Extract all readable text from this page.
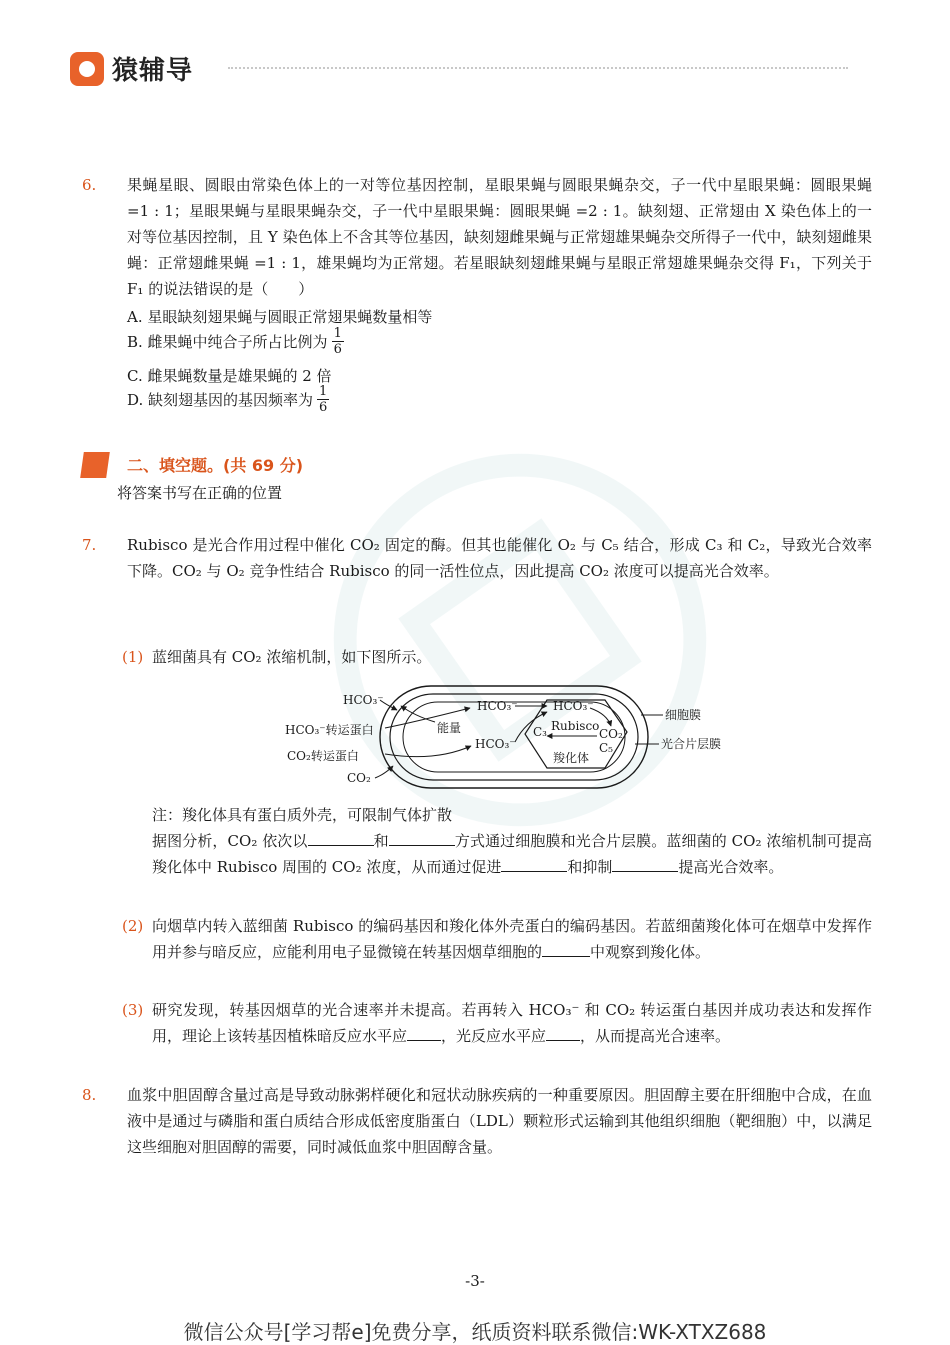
猿辅导
6. 果蝇星眼、圆眼由常染色体上的一对等位基因控制，星眼果蝇与圆眼果蝇杂交，子一代中星眼果蝇：圆眼果蝇 =1 : 1；星眼果蝇与星眼果蝇杂交，子一代中星眼果蝇：圆眼果蝇 =2 : 1。缺刻翅、正常翅由 X 染色体上的一对等位基因控制，且 Y 染色体上不含其等位基因，缺刻翅雌果蝇与正常翅雄果蝇杂交所得子一代中，缺刻翅雌果蝇：正常翅雌果蝇 =1 : 1，雄果蝇均为正常翅。若星眼缺刻翅雌果蝇与星眼正常翅雄果蝇杂交得 F₁，下列关于 F₁ 的说法错误的是（　　）
A. 星眼缺刻翅果蝇与圆眼正常翅果蝇数量相等
B. 雌果蝇中纯合子所占比例为 $\frac{1}{6}$
C. 雌果蝇数量是雄果蝇的 2 倍
D. 缺刻翅基因的基因频率为 $\frac{1}{6}$
二、填空题。(共 69 分)
将答案书写在正确的位置
7. Rubisco 是光合作用过程中催化 CO₂ 固定的酶。但其也能催化 O₂ 与 C₅ 结合，形成 C₃ 和 C₂，导致光合效率下降。CO₂ 与 O₂ 竞争性结合 Rubisco 的同一活性位点，因此提高 CO₂ 浓度可以提高光合效率。
(1) 蓝细菌具有 CO₂ 浓缩机制，如下图所示。
HCO₃⁻
HCO₃⁻转运蛋白
CO₂转运蛋白
CO₂
能量
HCO₃⁻
HCO₃⁻
HCO₃⁻
C₃ Rubisco
CO₂
C₅
羧化体
细胞膜
光合片层膜
注：羧化体具有蛋白质外壳，可限制气体扩散
据图分析，CO₂ 依次以	和	方式通过细胞膜和光合片层膜。蓝细菌的 CO₂ 浓缩机制可提高羧化体中 Rubisco 周围的 CO₂ 浓度，从而通过促进	和抑制	提高光合效率。
(2) 向烟草内转入蓝细菌 Rubisco 的编码基因和羧化体外壳蛋白的编码基因。若蓝细菌羧化体可在烟草中发挥作用并参与暗反应，应能利用电子显微镜在转基因烟草细胞的	中观察到羧化体。
(3) 研究发现，转基因烟草的光合速率并未提高。若再转入 HCO₃⁻ 和 CO₂ 转运蛋白基因并成功表达和发挥作用，理论上该转基因植株暗反应水平应 ，光反应水平应 ，从而提高光合速率。
8. 血浆中胆固醇含量过高是导致动脉粥样硬化和冠状动脉疾病的一种重要原因。胆固醇主要在肝细胞中合成，在血液中是通过与磷脂和蛋白质结合形成低密度脂蛋白（LDL）颗粒形式运输到其他组织细胞（靶细胞）中，以满足这些细胞对胆固醇的需要，同时减低血浆中胆固醇含量。
-3-
微信公众号[学习帮e]免费分享，纸质资料联系微信:WK-XTXZ688
